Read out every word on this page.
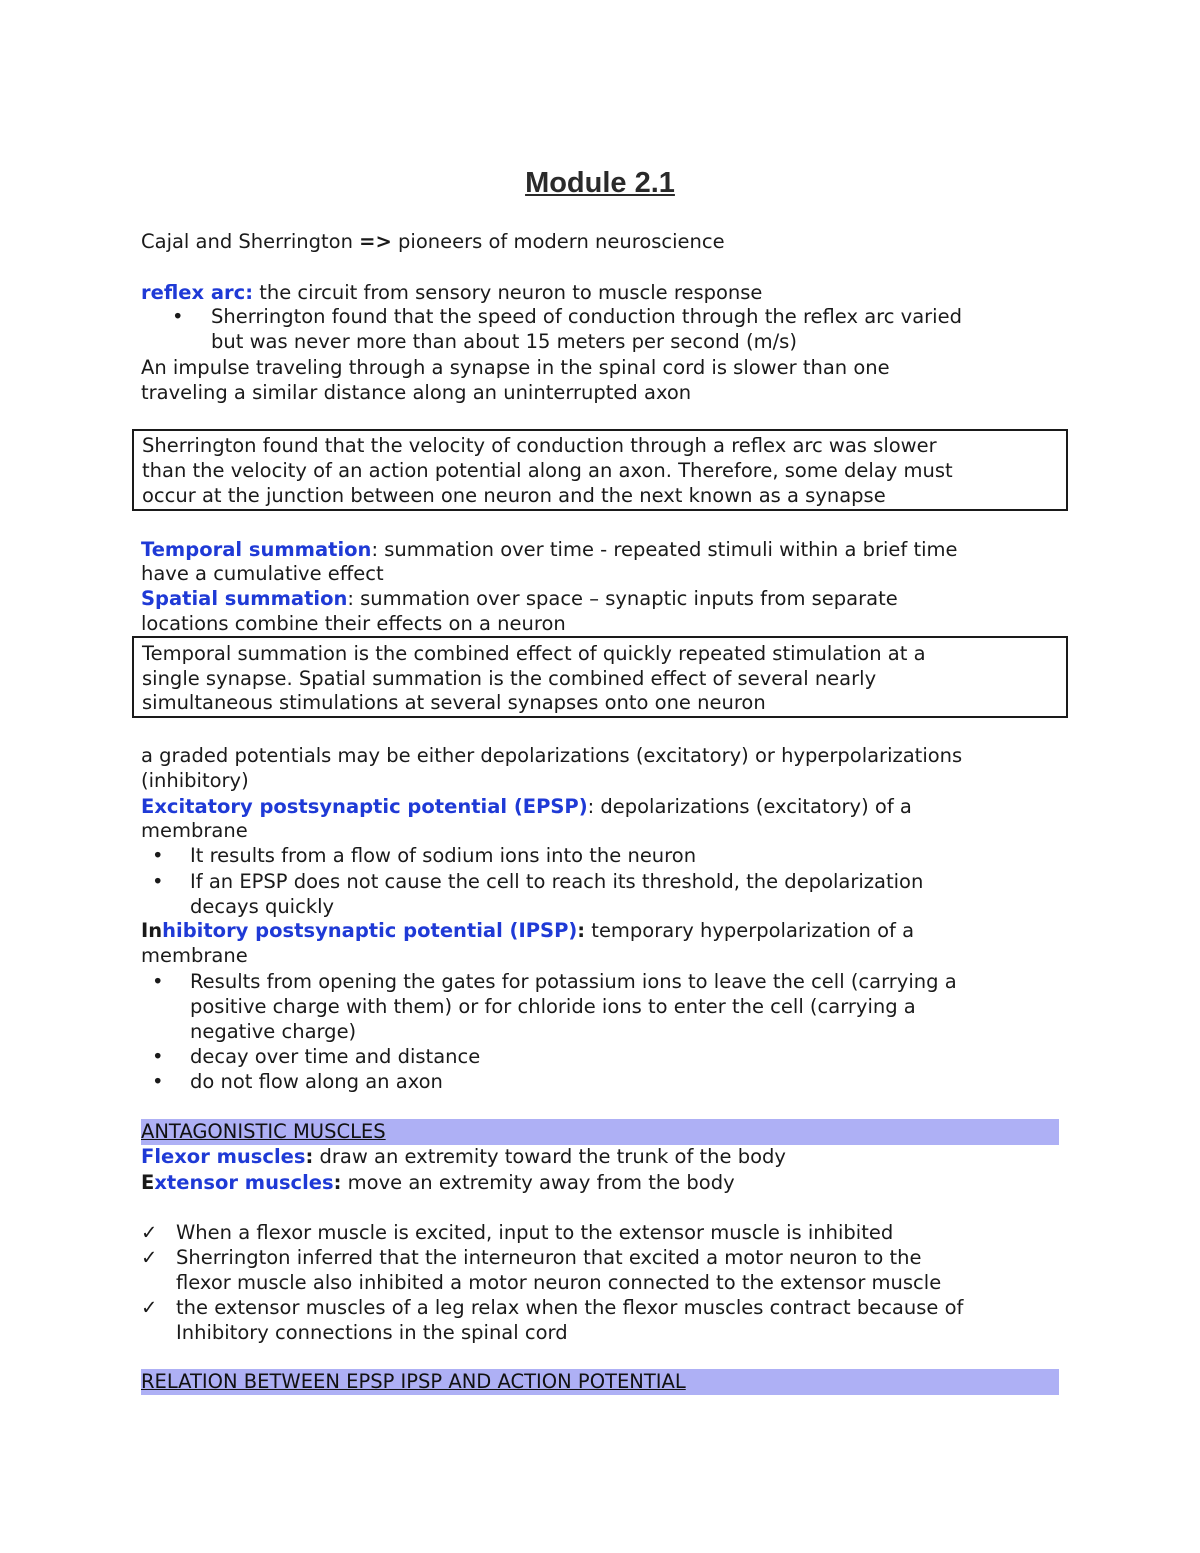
Module 2.1
Cajal and Sherrington => pioneers of modern neuroscience
reflex arc: the circuit from sensory neuron to muscle response
• Sherrington found that the speed of conduction through the reflex arc varied
but was never more than about 15 meters per second (m/s)
An impulse traveling through a synapse in the spinal cord is slower than one
traveling a similar distance along an uninterrupted axon
Sherrington found that the velocity of conduction through a reflex arc was slower
than the velocity of an action potential along an axon. Therefore, some delay must
occur at the junction between one neuron and the next known as a synapse
Temporal summation: summation over time - repeated stimuli within a brief time
have a cumulative effect
Spatial summation: summation over space – synaptic inputs from separate
locations combine their effects on a neuron
Temporal summation is the combined effect of quickly repeated stimulation at a
single synapse. Spatial summation is the combined effect of several nearly
simultaneous stimulations at several synapses onto one neuron
a graded potentials may be either depolarizations (excitatory) or hyperpolarizations
(inhibitory)
Excitatory postsynaptic potential (EPSP): depolarizations (excitatory) of a
membrane
• It results from a flow of sodium ions into the neuron
• If an EPSP does not cause the cell to reach its threshold, the depolarization
decays quickly
Inhibitory postsynaptic potential (IPSP): temporary hyperpolarization of a
membrane
• Results from opening the gates for potassium ions to leave the cell (carrying a
positive charge with them) or for chloride ions to enter the cell (carrying a
negative charge)
• decay over time and distance
• do not flow along an axon
ANTAGONISTIC MUSCLES
Flexor muscles: draw an extremity toward the trunk of the body
Extensor muscles: move an extremity away from the body
✓ When a flexor muscle is excited, input to the extensor muscle is inhibited
✓ Sherrington inferred that the interneuron that excited a motor neuron to the
flexor muscle also inhibited a motor neuron connected to the extensor muscle
✓ the extensor muscles of a leg relax when the flexor muscles contract because of
Inhibitory connections in the spinal cord
RELATION BETWEEN EPSP IPSP AND ACTION POTENTIAL
